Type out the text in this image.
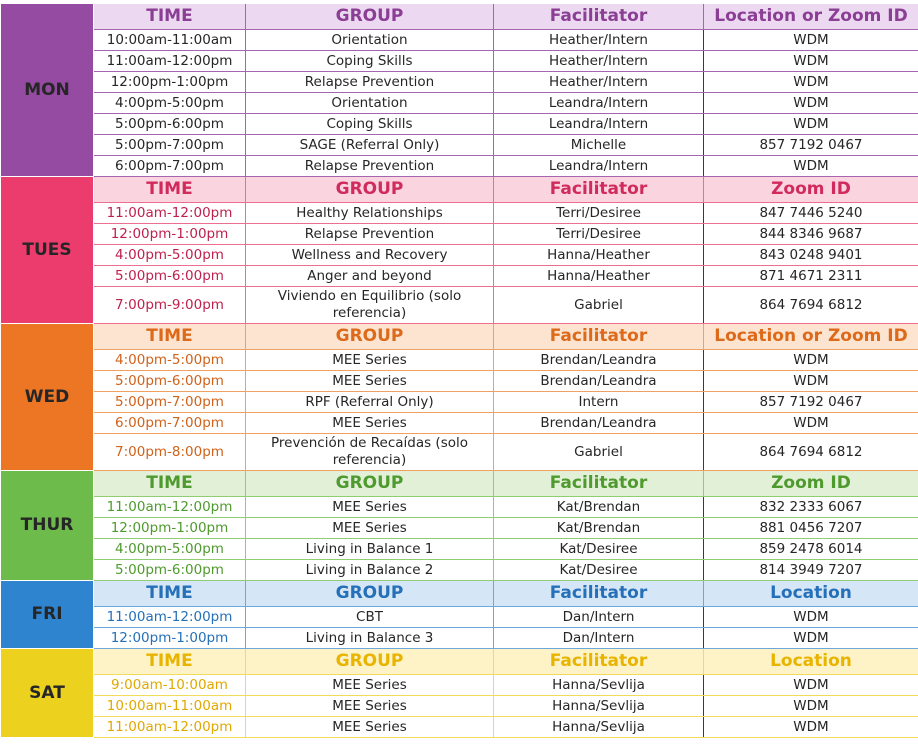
MON	TIME	GROUP	Facilitator	Location or Zoom ID
	10:00am-11:00am	Orientation	Heather/Intern	WDM
	11:00am-12:00pm	Coping Skills	Heather/Intern	WDM
	12:00pm-1:00pm	Relapse Prevention	Heather/Intern	WDM
	4:00pm-5:00pm	Orientation	Leandra/Intern	WDM
	5:00pm-6:00pm	Coping Skills	Leandra/Intern	WDM
	5:00pm-7:00pm	SAGE (Referral Only)	Michelle	857 7192 0467
	6:00pm-7:00pm	Relapse Prevention	Leandra/Intern	WDM
TUES	TIME	GROUP	Facilitator	Zoom ID
	11:00am-12:00pm	Healthy Relationships	Terri/Desiree	847 7446 5240
	12:00pm-1:00pm	Relapse Prevention	Terri/Desiree	844 8346 9687
	4:00pm-5:00pm	Wellness and Recovery	Hanna/Heather	843 0248 9401
	5:00pm-6:00pm	Anger and beyond	Hanna/Heather	871 4671 2311
	7:00pm-9:00pm	Viviendo en Equilibrio (solo referencia)	Gabriel	864 7694 6812
WED	TIME	GROUP	Facilitator	Location or Zoom ID
	4:00pm-5:00pm	MEE Series	Brendan/Leandra	WDM
	5:00pm-6:00pm	MEE Series	Brendan/Leandra	WDM
	5:00pm-7:00pm	RPF (Referral Only)	Intern	857 7192 0467
	6:00pm-7:00pm	MEE Series	Brendan/Leandra	WDM
	7:00pm-8:00pm	Prevención de Recaídas (solo referencia)	Gabriel	864 7694 6812
THUR	TIME	GROUP	Facilitator	Zoom ID
	11:00am-12:00pm	MEE Series	Kat/Brendan	832 2333 6067
	12:00pm-1:00pm	MEE Series	Kat/Brendan	881 0456 7207
	4:00pm-5:00pm	Living in Balance 1	Kat/Desiree	859 2478 6014
	5:00pm-6:00pm	Living in Balance 2	Kat/Desiree	814 3949 7207
FRI	TIME	GROUP	Facilitator	Location
	11:00am-12:00pm	CBT	Dan/Intern	WDM
	12:00pm-1:00pm	Living in Balance 3	Dan/Intern	WDM
SAT	TIME	GROUP	Facilitator	Location
	9:00am-10:00am	MEE Series	Hanna/Sevlija	WDM
	10:00am-11:00am	MEE Series	Hanna/Sevlija	WDM
	11:00am-12:00pm	MEE Series	Hanna/Sevlija	WDM
